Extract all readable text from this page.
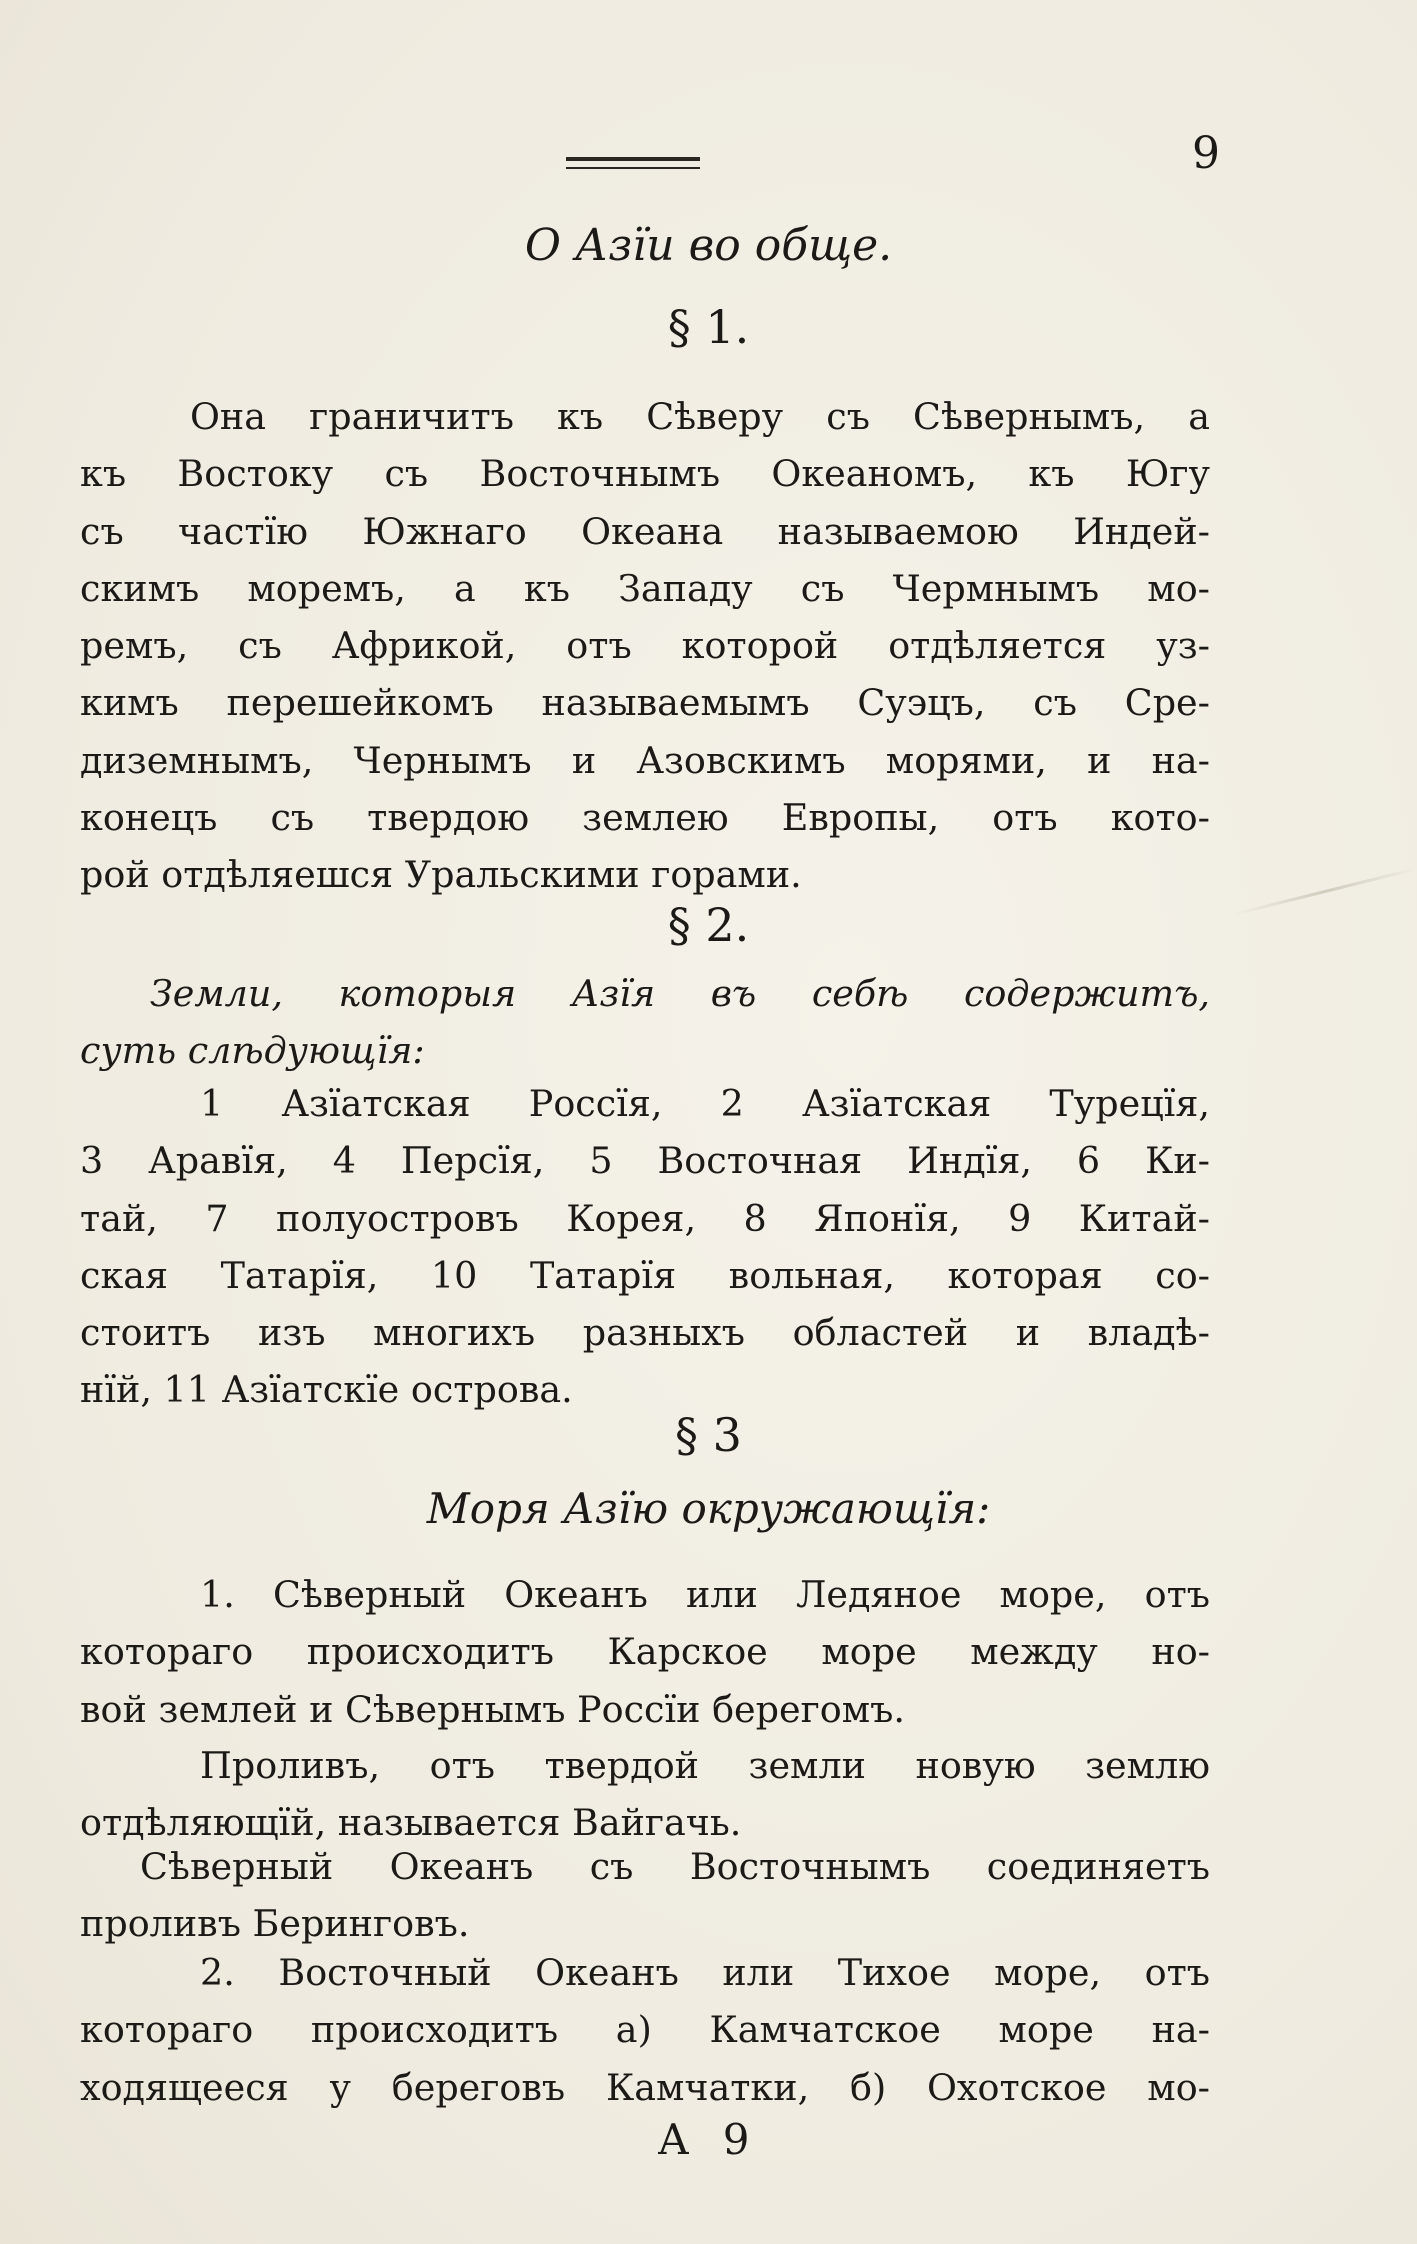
9
О Азїи во обще.
§ 1.
Она граничитъ къ Сѣверу съ Сѣвернымъ, а
къ Востоку съ Восточнымъ Океаномъ, къ Югу
съ частїю Южнаго Океана называемою Индей-
скимъ моремъ, а къ Западу съ Чермнымъ мо-
ремъ, съ Африкой, отъ которой отдѣляется уз-
кимъ перешейкомъ называемымъ Суэцъ, съ Сре-
диземнымъ, Чернымъ и Азовскимъ морями, и на-
конецъ съ твердою землею Европы, отъ кото-
рой отдѣляешся Уральскими горами.
§ 2.
Земли, которыя Азїя въ себѣ содержитъ,
суть слѣдующїя:
1 Азїатская Россїя, 2 Азїатская Турецїя,
3 Аравїя, 4 Персїя, 5 Восточная Индїя, 6 Ки-
тай, 7 полуостровъ Корея, 8 Японїя, 9 Китай-
ская Татарїя, 10 Татарїя вольная, которая со-
стоитъ изъ многихъ разныхъ областей и владѣ-
нїй, 11 Азїатскїе острова.
§ 3
Моря Азїю окружающїя:
1. Сѣверный Океанъ или Ледяное море, отъ
котораго происходитъ Карское море между но-
вой землей и Сѣвернымъ Россїи берегомъ.
Проливъ, отъ твердой земли новую землю
отдѣляющїй, называется Вайгачь.
Сѣверный Океанъ съ Восточнымъ соединяетъ
проливъ Беринговъ.
2. Восточный Океанъ или Тихое море, отъ
котораго происходитъ а) Камчатское море на-
ходящееся у береговъ Камчатки, б) Охотское мо-
А 9
